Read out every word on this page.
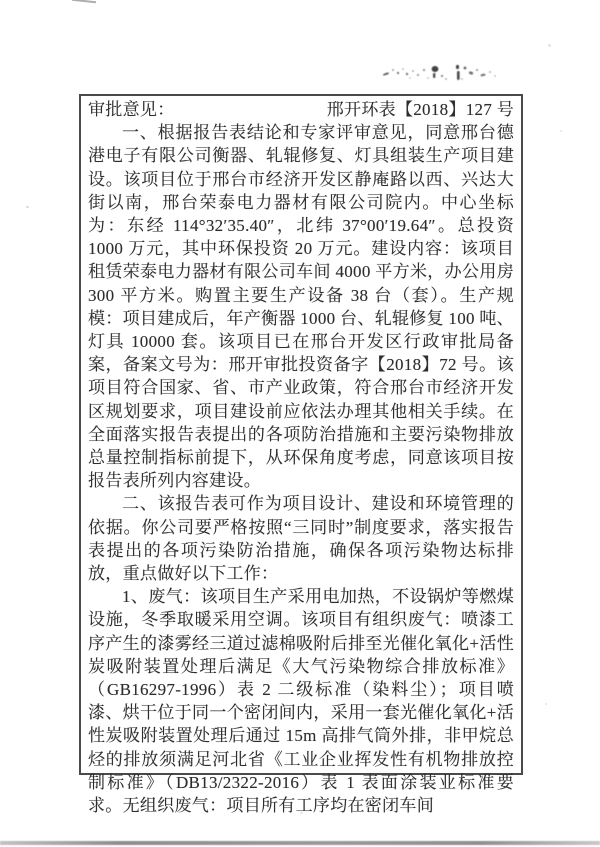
审批意见：	邢开环表【2018】127 号

一、根据报告表结论和专家评审意见，同意邢台德港电子有限公司衡器、轧辊修复、灯具组装生产项目建设。该项目位于邢台市经济开发区静庵路以西、兴达大街以南，邢台荣泰电力器材有限公司院内。中心坐标为：东经 114°32′35.40″，北纬 37°00′19.64″。总投资 1000 万元，其中环保投资 20 万元。建设内容：该项目租赁荣泰电力器材有限公司车间 4000 平方米，办公用房 300 平方米。购置主要生产设备 38 台（套）。生产规模：项目建成后，年产衡器 1000 台、轧辊修复 100 吨、灯具 10000 套。该项目已在邢台开发区行政审批局备案，备案文号为：邢开审批投资备字【2018】72 号。该项目符合国家、省、市产业政策，符合邢台市经济开发区规划要求，项目建设前应依法办理其他相关手续。在全面落实报告表提出的各项防治措施和主要污染物排放总量控制指标前提下，从环保角度考虑，同意该项目按报告表所列内容建设。

二、该报告表可作为项目设计、建设和环境管理的依据。你公司要严格按照“三同时”制度要求，落实报告表提出的各项污染防治措施，确保各项污染物达标排放，重点做好以下工作：

1、废气：该项目生产采用电加热，不设锅炉等燃煤设施，冬季取暖采用空调。该项目有组织废气：喷漆工序产生的漆雾经三道过滤棉吸附后排至光催化氧化+活性炭吸附装置处理后满足《大气污染物综合排放标准》（GB16297-1996）表 2 二级标准（染料尘）；项目喷漆、烘干位于同一个密闭间内，采用一套光催化氧化+活性炭吸附装置处理后通过 15m 高排气筒外排，非甲烷总烃的排放须满足河北省《工业企业挥发性有机物排放控制标准》（DB13/2322-2016）表 1 表面涂装业标准要求。无组织废气：项目所有工序均在密闭车间
